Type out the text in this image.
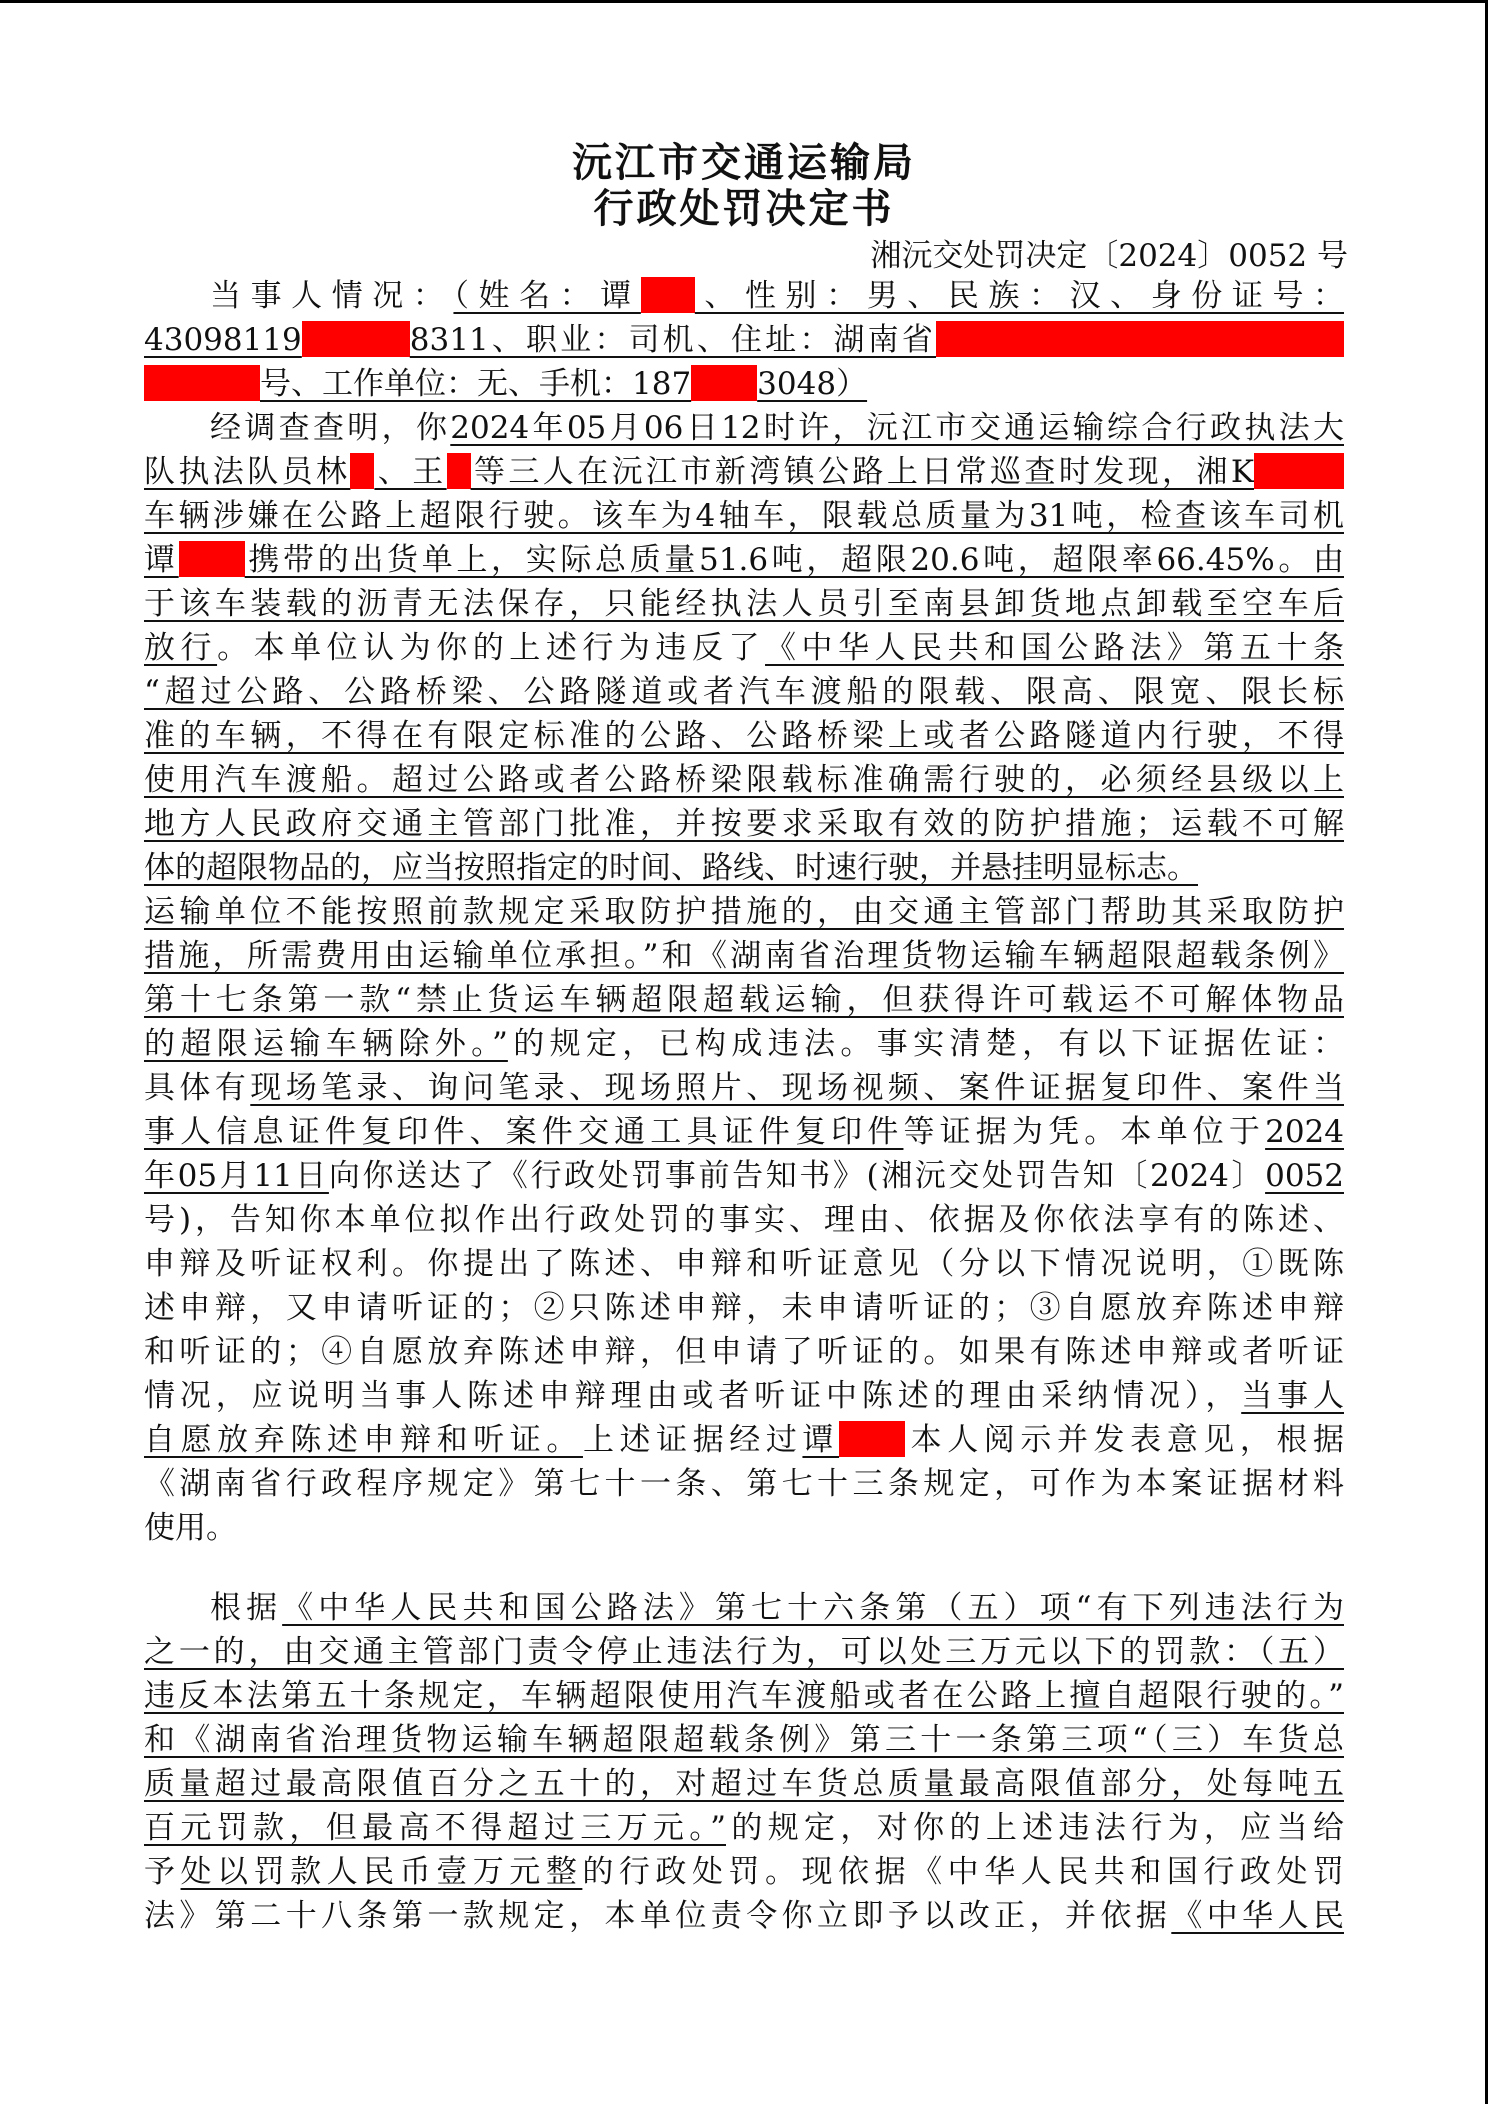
沅江市交通运输局

行政处罚决定书

湘沅交处罚决定〔2024〕0052 号

当事人情况：（姓名：谭 、性别：男、民族：汉、身份证号：
43098119	8311、职业：司机、住址：湖南省
号、工作单位：无、手机：187 3048）
经调查查明，你2024年05月06日12时许，沅江市交通运输综合行政执法大
队执法队员林 、王 等三人在沅江市新湾镇公路上日常巡查时发现，湘K
车辆涉嫌在公路上超限行驶。该车为4轴车，限载总质量为31吨，检查该车司机
谭 携带的出货单上，实际总质量51.6吨，超限20.6吨，超限率66.45%。由
于该车装载的沥青无法保存，只能经执法人员引至南县卸货地点卸载至空车后
放行。本单位认为你的上述行为违反了《中华人民共和国公路法》第五十条
“超过公路、公路桥梁、公路隧道或者汽车渡船的限载、限高、限宽、限长标
准的车辆，不得在有限定标准的公路、公路桥梁上或者公路隧道内行驶，不得
使用汽车渡船。超过公路或者公路桥梁限载标准确需行驶的，必须经县级以上
地方人民政府交通主管部门批准，并按要求采取有效的防护措施；运载不可解
体的超限物品的，应当按照指定的时间、路线、时速行驶，并悬挂明显标志。
运输单位不能按照前款规定采取防护措施的，由交通主管部门帮助其采取防护
措施，所需费用由运输单位承担。”和《湖南省治理货物运输车辆超限超载条例》
第十七条第一款“禁止货运车辆超限超载运输，但获得许可载运不可解体物品
的超限运输车辆除外。”的规定，已构成违法。事实清楚，有以下证据佐证：
具体有现场笔录、询问笔录、现场照片、现场视频、案件证据复印件、案件当
事人信息证件复印件、案件交通工具证件复印件等证据为凭。本单位于2024
年05月11日向你送达了《行政处罚事前告知书》(湘沅交处罚告知〔2024〕0052
号)，告知你本单位拟作出行政处罚的事实、理由、依据及你依法享有的陈述、
申辩及听证权利。你提出了陈述、申辩和听证意见（分以下情况说明，①既陈
述申辩，又申请听证的；②只陈述申辩，未申请听证的；③自愿放弃陈述申辩
和听证的；④自愿放弃陈述申辩，但申请了听证的。如果有陈述申辩或者听证
情况，应说明当事人陈述申辩理由或者听证中陈述的理由采纳情况），当事人
自愿放弃陈述申辩和听证。上述证据经过谭 本人阅示并发表意见，根据
《湖南省行政程序规定》第七十一条、第七十三条规定，可作为本案证据材料
使用。
根据《中华人民共和国公路法》第七十六条第（五）项“有下列违法行为
之一的，由交通主管部门责令停止违法行为，可以处三万元以下的罚款：（五）
违反本法第五十条规定，车辆超限使用汽车渡船或者在公路上擅自超限行驶的。”
和《湖南省治理货物运输车辆超限超载条例》第三十一条第三项“（三）车货总
质量超过最高限值百分之五十的，对超过车货总质量最高限值部分，处每吨五
百元罚款，但最高不得超过三万元。”的规定，对你的上述违法行为，应当给
予处以罚款人民币壹万元整的行政处罚。现依据《中华人民共和国行政处罚
法》第二十八条第一款规定，本单位责令你立即予以改正，并依据《中华人民
